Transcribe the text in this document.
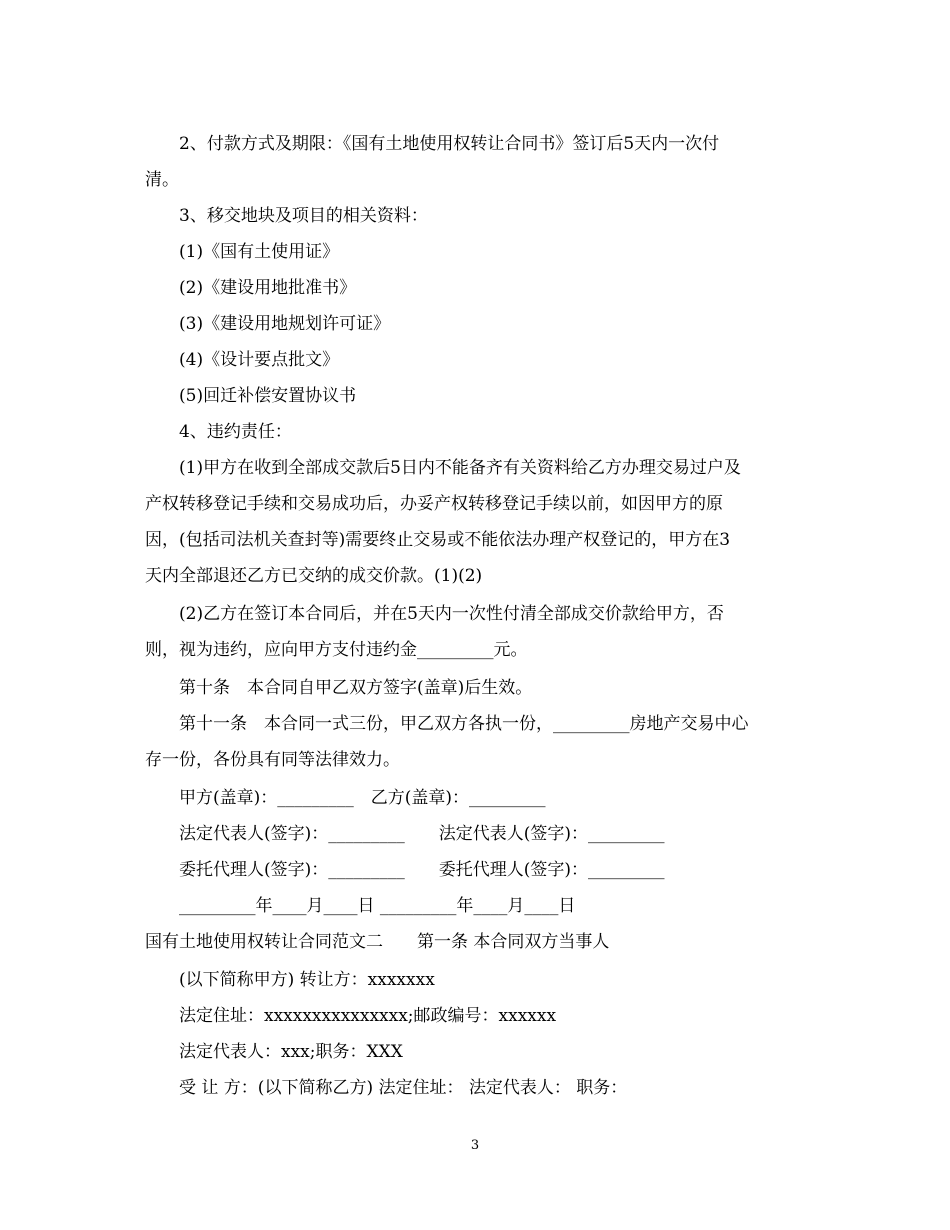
　　2、付款方式及期限：《国有土地使用权转让合同书》签订后5天内一次付
清。
　　3、移交地块及项目的相关资料：
　　(1)《国有土使用证》
　　(2)《建设用地批准书》
　　(3)《建设用地规划许可证》
　　(4)《设计要点批文》
　　(5)回迁补偿安置协议书
　　4、违约责任：
　　(1)甲方在收到全部成交款后5日内不能备齐有关资料给乙方办理交易过户及
产权转移登记手续和交易成功后，办妥产权转移登记手续以前，如因甲方的原
因，(包括司法机关查封等)需要终止交易或不能依法办理产权登记的，甲方在3
天内全部退还乙方已交纳的成交价款。(1)(2)
　　(2)乙方在签订本合同后，并在5天内一次性付清全部成交价款给甲方，否
则，视为违约，应向甲方支付违约金_________元。
　　第十条　本合同自甲乙双方签字(盖章)后生效。
　　第十一条　本合同一式三份，甲乙双方各执一份，_________房地产交易中心
存一份，各份具有同等法律效力。
　　甲方(盖章)：_________　乙方(盖章)：_________
　　法定代表人(签字)：_________　　法定代表人(签字)：_________
　　委托代理人(签字)：_________　　委托代理人(签字)：_________
　　_________年____月____日 _________年____月____日
国有土地使用权转让合同范文二　　第一条 本合同双方当事人
　　(以下简称甲方) 转让方：xxxxxxx
　　法定住址：xxxxxxxxxxxxxxx;邮政编号：xxxxxx
　　法定代表人：xxx;职务：XXX
　　受 让 方：(以下简称乙方) 法定住址： 法定代表人： 职务：
3
